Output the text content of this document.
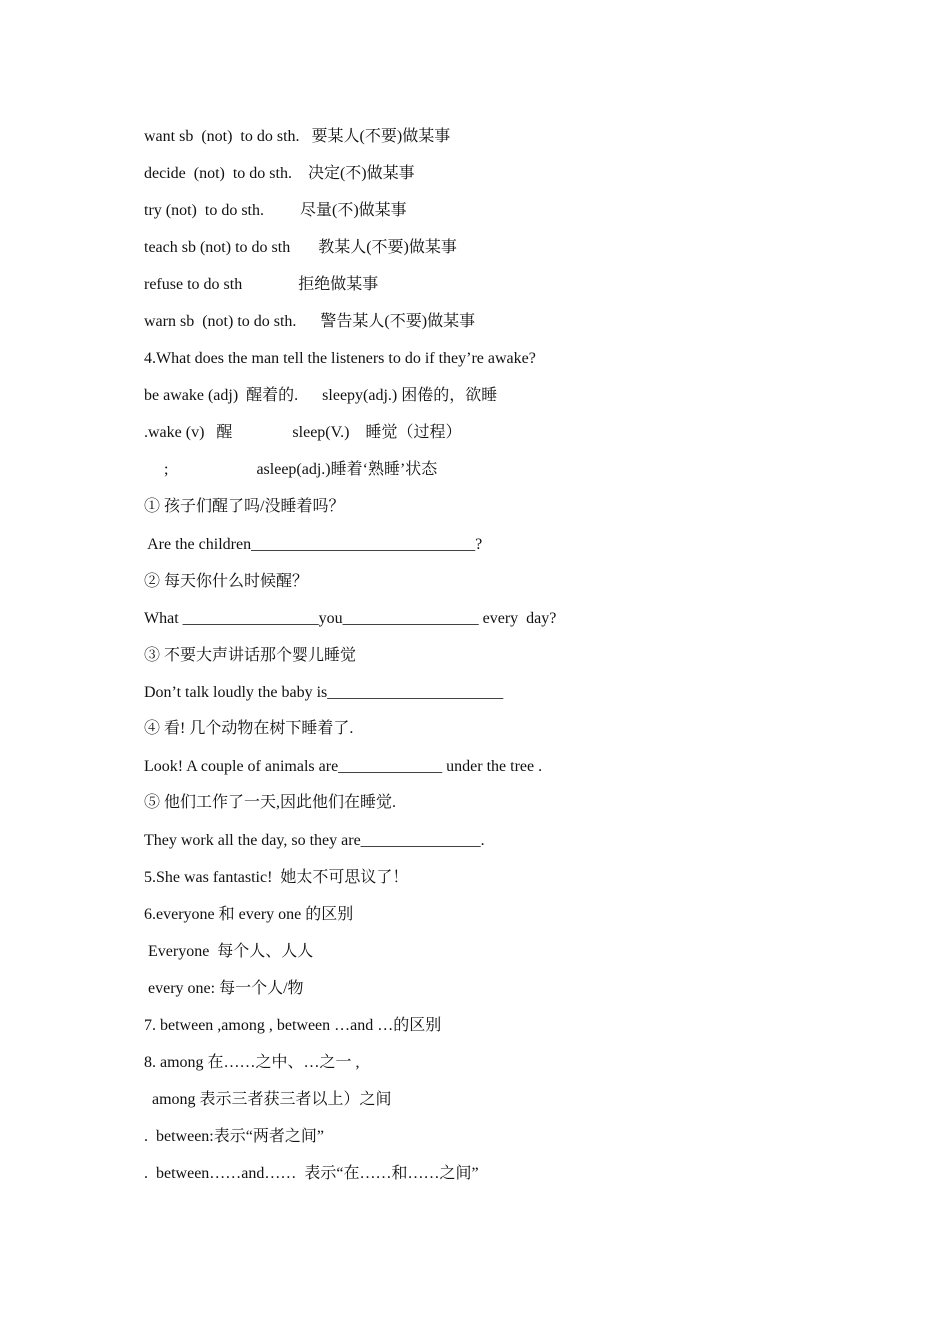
want sb  (not)  to do sth.   要某人(不要)做某事
decide  (not)  to do sth.    决定(不)做某事
try (not)  to do sth.         尽量(不)做某事
teach sb (not) to do sth       教某人(不要)做某事
refuse to do sth              拒绝做某事
warn sb  (not) to do sth.      警告某人(不要)做某事
4.What does the man tell the listeners to do if they’re awake?
be awake (adj)  醒着的.      sleepy(adj.) 困倦的，欲睡
.wake (v)   醒               sleep(V.)    睡觉（过程）
;                      asleep(adj.)睡着‘熟睡’状态
① 孩子们醒了吗/没睡着吗？
Are the children____________________________?
② 每天你什么时候醒？
What _________________you_________________ every  day?
③ 不要大声讲话那个婴儿睡觉
Don’t talk loudly the baby is______________________
④ 看! 几个动物在树下睡着了.
Look! A couple of animals are_____________ under the tree .
⑤ 他们工作了一天,因此他们在睡觉.
They work all the day, so they are_______________.
5.She was fantastic!  她太不可思议了！
6.everyone 和 every one 的区别
Everyone  每个人、人人
every one: 每一个人/物
7. between ,among , between …and …的区别
8. among 在……之中、…之一 ,
among 表示三者获三者以上）之间
.  between:表示“两者之间”
.  between……and……  表示“在……和……之间”
